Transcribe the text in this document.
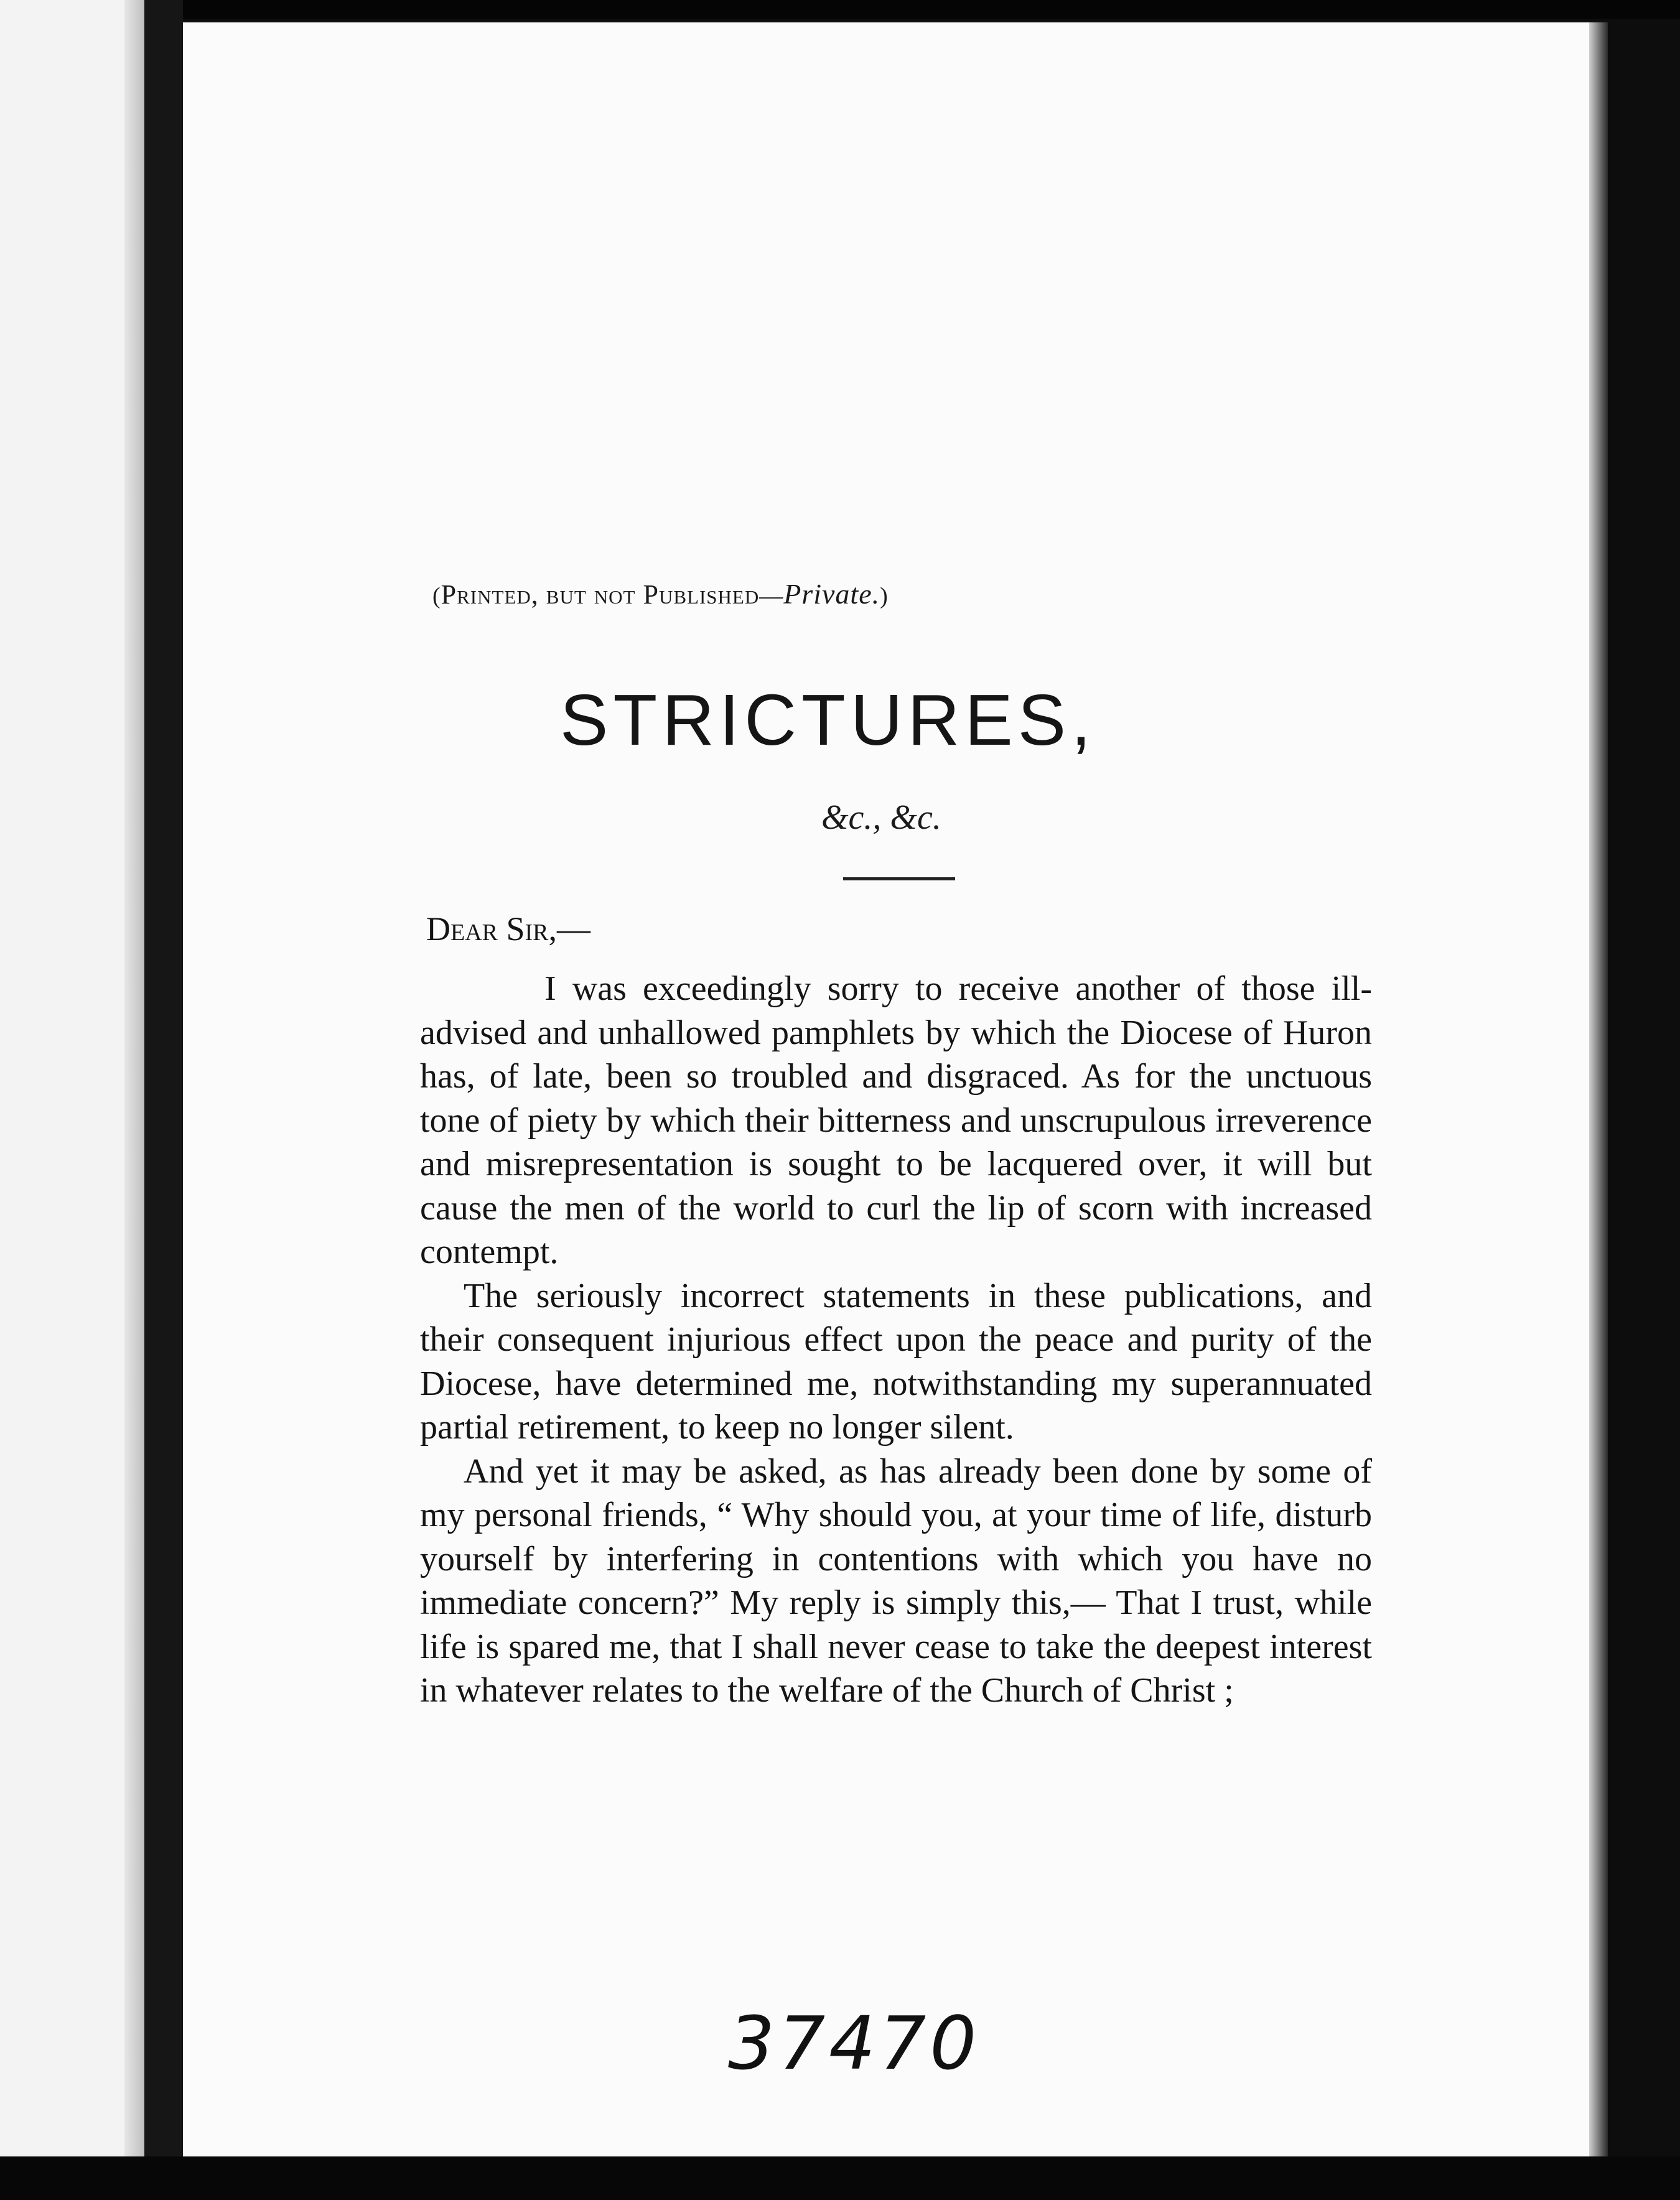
(Printed, but not Published—Private.)
STRICTURES,
&c., &c.
Dear Sir,—

I was exceedingly sorry to receive another of those ill-advised and unhallowed pamphlets by which the Diocese of Huron has, of late, been so troubled and disgraced. As for the unctuous tone of piety by which their bitterness and unscrupulous irreverence and misrepresentation is sought to be lacquered over, it will but cause the men of the world to curl the lip of scorn with increased contempt.

The seriously incorrect statements in these publications, and their consequent injurious effect upon the peace and purity of the Diocese, have determined me, notwithstanding my superannuated partial retirement, to keep no longer silent.

And yet it may be asked, as has already been done by some of my personal friends, “ Why should you, at your time of life, disturb yourself by interfering in contentions with which you have no immediate concern?” My reply is simply this,— That I trust, while life is spared me, that I shall never cease to take the deepest interest in whatever relates to the welfare of the Church of Christ ;

37470
